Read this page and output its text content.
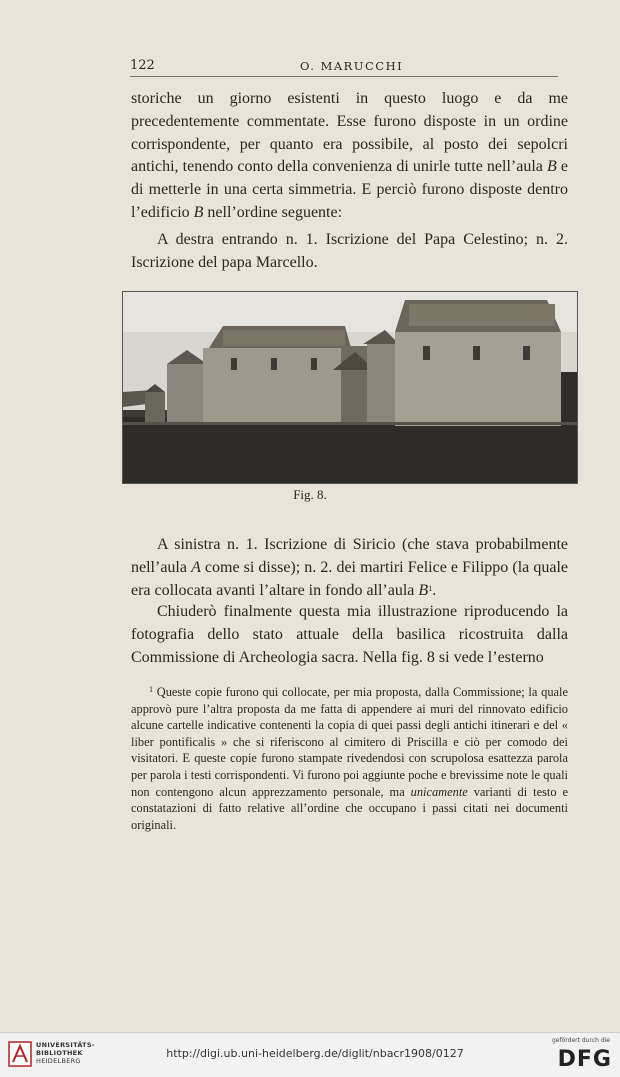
122	O. MARUCCHI

storiche un giorno esistenti in questo luogo e da me precedentemente commentate. Esse furono disposte in un ordine corrispondente, per quanto era possibile, al posto dei sepolcri antichi, tenendo conto della convenienza di unirle tutte nell’aula B e di metterle in una certa simmetria. E perciò furono disposte dentro l’edificio B nell’ordine seguente:

A destra entrando n. 1. Iscrizione del Papa Celestino; n. 2. Iscrizione del papa Marcello.

Fig. 8.

A sinistra n. 1. Iscrizione di Siricio (che stava probabilmente nell’aula A come si disse); n. 2. dei martiri Felice e Filippo (la quale era collocata avanti l’altare in fondo all’aula $B^1$.

Chiuderò finalmente questa mia illustrazione riproducendo la fotografia dello stato attuale della basilica ricostruita dalla Commissione di Archeologia sacra. Nella fig. 8 si vede l’esterno

$^1$ Queste copie furono qui collocate, per mia proposta, dalla Commissione; la quale approvò pure l’altra proposta da me fatta di appendere ai muri del rinnovato edificio alcune cartelle indicative contenenti la copia di quei passi degli antichi itinerari e del « liber pontificalis » che si riferiscono al cimitero di Priscilla e ciò per comodo dei visitatori. E queste copie furono stampate rivedendosi con scrupolosa esattezza parola per parola i testi corrispondenti. Vi furono poi aggiunte poche e brevissime note le quali non contengono alcun apprezzamento personale, ma unicamente varianti di testo e constatazioni di fatto relative all’ordine che occupano i passi citati nei documenti originali.

UNIVERSITÄTS-
BIBLIOTHEK
HEIDELBERG
http://digi.ub.uni-heidelberg.de/diglit/nbacr1908/0127
gefördert durch die
DFG
